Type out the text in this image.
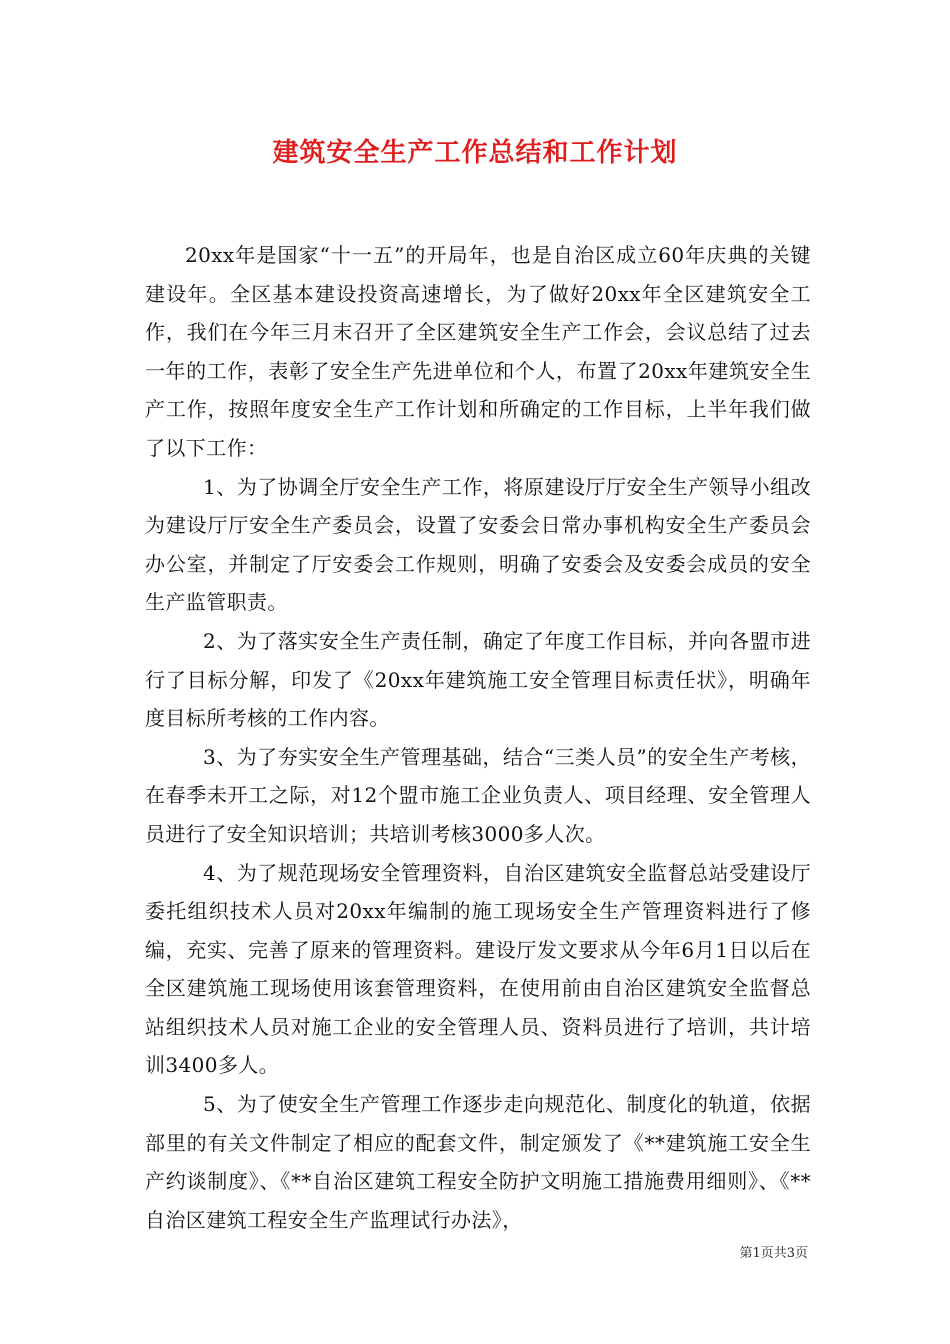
建筑安全生产工作总结和工作计划

20xx年是国家“十一五”的开局年，也是自治区成立60年庆典的关键建设年。全区基本建设投资高速增长，为了做好20xx年全区建筑安全工作，我们在今年三月末召开了全区建筑安全生产工作会，会议总结了过去一年的工作，表彰了安全生产先进单位和个人，布置了20xx年建筑安全生产工作，按照年度安全生产工作计划和所确定的工作目标，上半年我们做了以下工作：

1、为了协调全厅安全生产工作，将原建设厅厅安全生产领导小组改为建设厅厅安全生产委员会，设置了安委会日常办事机构安全生产委员会办公室，并制定了厅安委会工作规则，明确了安委会及安委会成员的安全生产监管职责。

2、为了落实安全生产责任制，确定了年度工作目标，并向各盟市进行了目标分解，印发了《20xx年建筑施工安全管理目标责任状》，明确年度目标所考核的工作内容。

3、为了夯实安全生产管理基础，结合“三类人员”的安全生产考核，在春季未开工之际，对12个盟市施工企业负责人、项目经理、安全管理人员进行了安全知识培训；共培训考核3000多人次。

4、为了规范现场安全管理资料，自治区建筑安全监督总站受建设厅委托组织技术人员对20xx年编制的施工现场安全生产管理资料进行了修编，充实、完善了原来的管理资料。建设厅发文要求从今年6月1日以后在全区建筑施工现场使用该套管理资料，在使用前由自治区建筑安全监督总站组织技术人员对施工企业的安全管理人员、资料员进行了培训，共计培训3400多人。

5、为了使安全生产管理工作逐步走向规范化、制度化的轨道，依据部里的有关文件制定了相应的配套文件，制定颁发了《**建筑施工安全生产约谈制度》、《**自治区建筑工程安全防护文明施工措施费用细则》、《**自治区建筑工程安全生产监理试行办法》，

第1页共3页
